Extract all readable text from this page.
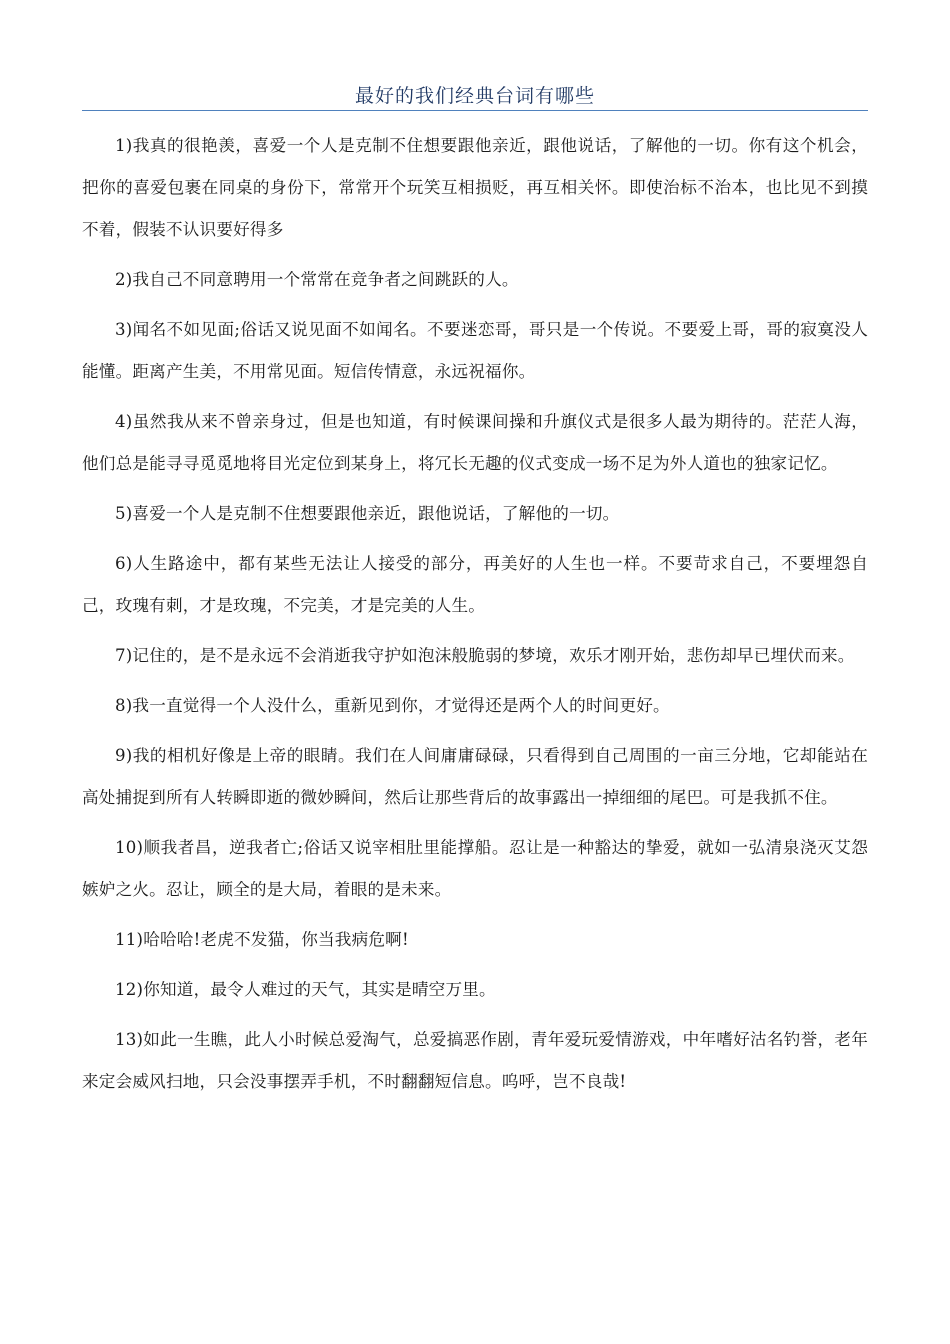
最好的我们经典台词有哪些

1)我真的很艳羡，喜爱一个人是克制不住想要跟他亲近，跟他说话，了解他的一切。你有这个机会，把你的喜爱包裹在同桌的身份下，常常开个玩笑互相损贬，再互相关怀。即使治标不治本，也比见不到摸不着，假装不认识要好得多

2)我自己不同意聘用一个常常在竞争者之间跳跃的人。

3)闻名不如见面;俗话又说见面不如闻名。不要迷恋哥，哥只是一个传说。不要爱上哥，哥的寂寞没人能懂。距离产生美，不用常见面。短信传情意，永远祝福你。

4)虽然我从来不曾亲身过，但是也知道，有时候课间操和升旗仪式是很多人最为期待的。茫茫人海，他们总是能寻寻觅觅地将目光定位到某身上，将冗长无趣的仪式变成一场不足为外人道也的独家记忆。

5)喜爱一个人是克制不住想要跟他亲近，跟他说话，了解他的一切。

6)人生路途中，都有某些无法让人接受的部分，再美好的人生也一样。不要苛求自己，不要埋怨自己，玫瑰有刺，才是玫瑰，不完美，才是完美的人生。

7)记住的，是不是永远不会消逝我守护如泡沫般脆弱的梦境，欢乐才刚开始，悲伤却早已埋伏而来。

8)我一直觉得一个人没什么，重新见到你，才觉得还是两个人的时间更好。

9)我的相机好像是上帝的眼睛。我们在人间庸庸碌碌，只看得到自己周围的一亩三分地，它却能站在高处捕捉到所有人转瞬即逝的微妙瞬间，然后让那些背后的故事露出一掉细细的尾巴。可是我抓不住。

10)顺我者昌，逆我者亡;俗话又说宰相肚里能撑船。忍让是一种豁达的挚爱，就如一弘清泉浇灭艾怨嫉妒之火。忍让，顾全的是大局，着眼的是未来。

11)哈哈哈!老虎不发猫，你当我病危啊!

12)你知道，最令人难过的天气，其实是晴空万里。

13)如此一生瞧，此人小时候总爱淘气，总爱搞恶作剧，青年爱玩爱情游戏，中年嗜好沽名钓誉，老年来定会威风扫地，只会没事摆弄手机，不时翻翻短信息。呜呼，岂不良哉!
